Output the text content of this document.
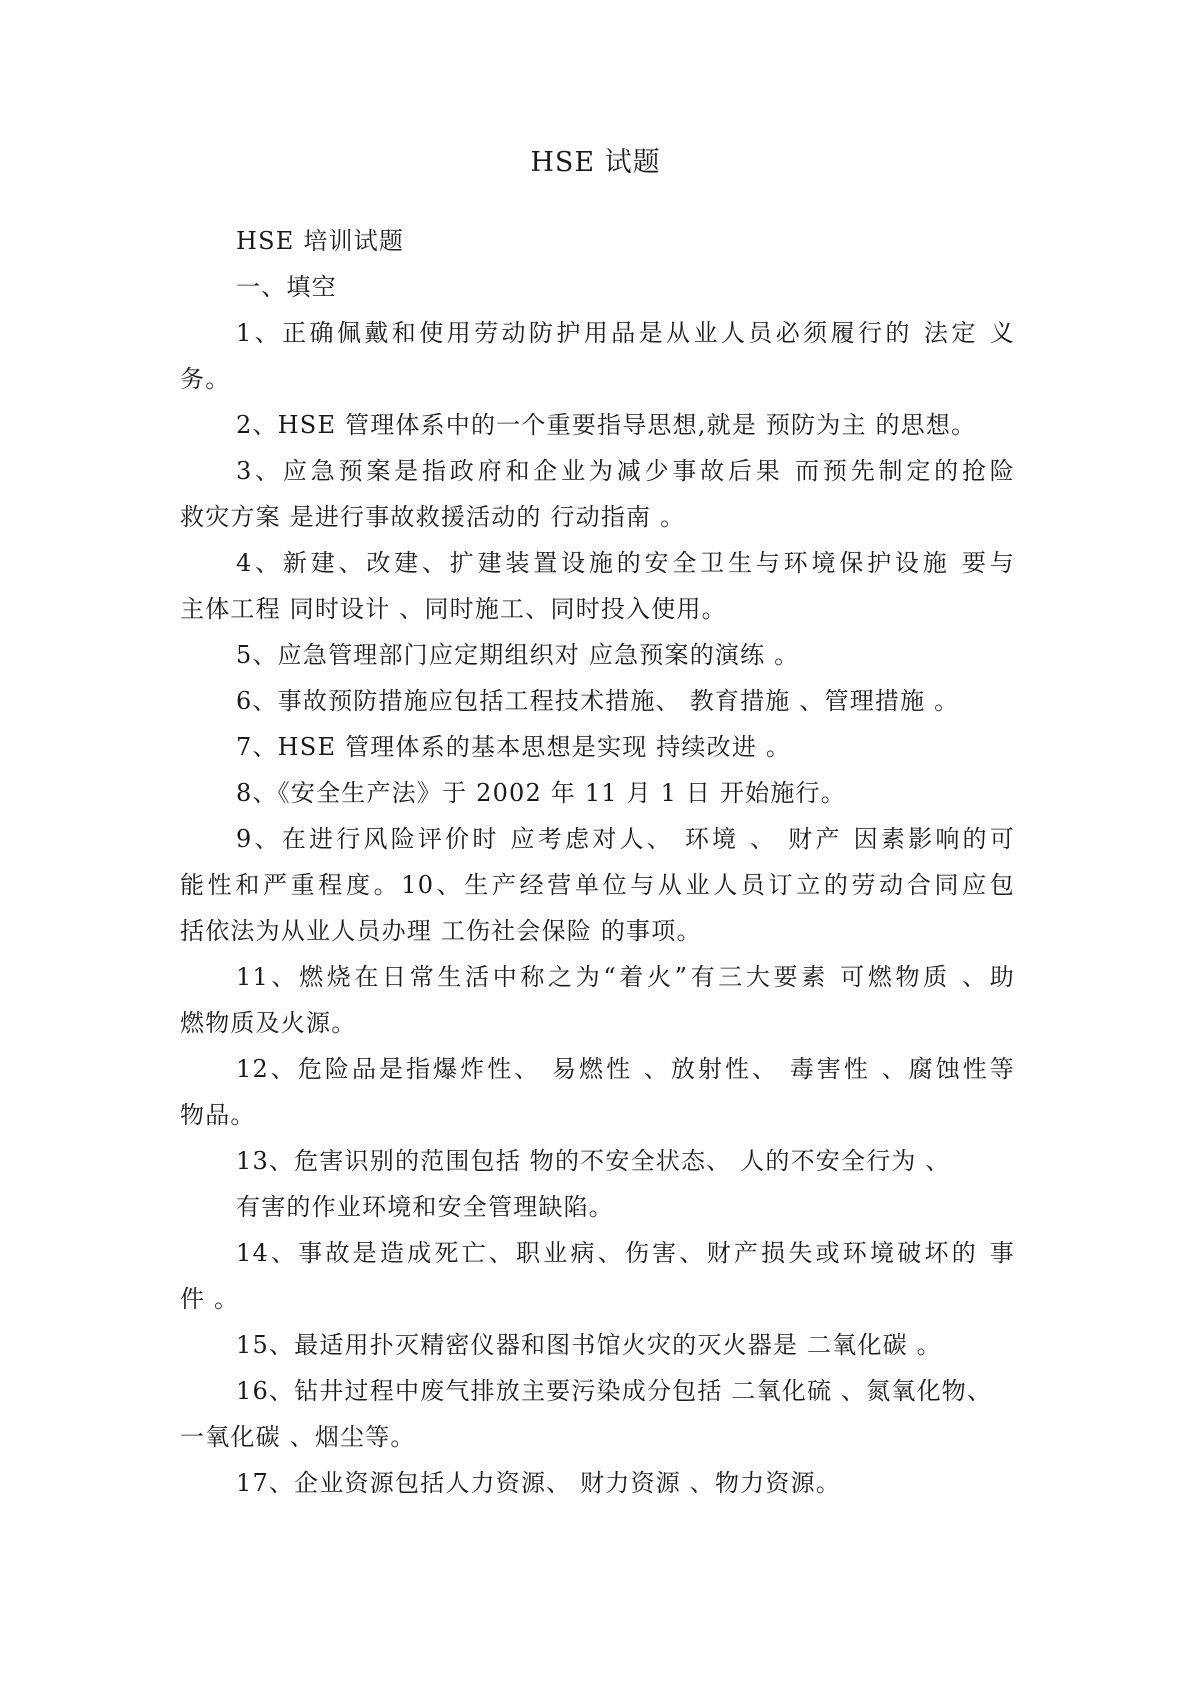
HSE 试题
HSE 培训试题
一、填空
1、正确佩戴和使用劳动防护用品是从业人员必须履行的 法定 义
务。
2、HSE 管理体系中的一个重要指导思想,就是 预防为主 的思想。
3、应急预案是指政府和企业为减少事故后果 而预先制定的抢险
救灾方案 是进行事故救援活动的 行动指南 。
4、新建、改建、扩建装置设施的安全卫生与环境保护设施 要与
主体工程 同时设计 、同时施工、同时投入使用。
5、应急管理部门应定期组织对 应急预案的演练 。
6、事故预防措施应包括工程技术措施、 教育措施 、管理措施 。
7、HSE 管理体系的基本思想是实现 持续改进 。
8、《安全生产法》于 2002 年 11 月 1 日 开始施行。
9、在进行风险评价时 应考虑对人、 环境 、 财产 因素影响的可
能性和严重程度。10、生产经营单位与从业人员订立的劳动合同应包
括依法为从业人员办理 工伤社会保险 的事项。
11、燃烧在日常生活中称之为“着火”有三大要素 可燃物质 、助
燃物质及火源。
12、危险品是指爆炸性、 易燃性 、放射性、 毒害性 、腐蚀性等
物品。
13、危害识别的范围包括 物的不安全状态、 人的不安全行为 、
有害的作业环境和安全管理缺陷。
14、事故是造成死亡、职业病、伤害、财产损失或环境破坏的 事
件 。
15、最适用扑灭精密仪器和图书馆火灾的灭火器是 二氧化碳 。
16、钻井过程中废气排放主要污染成分包括 二氧化硫 、氮氧化物、
一氧化碳 、烟尘等。
17、企业资源包括人力资源、 财力资源 、物力资源。
